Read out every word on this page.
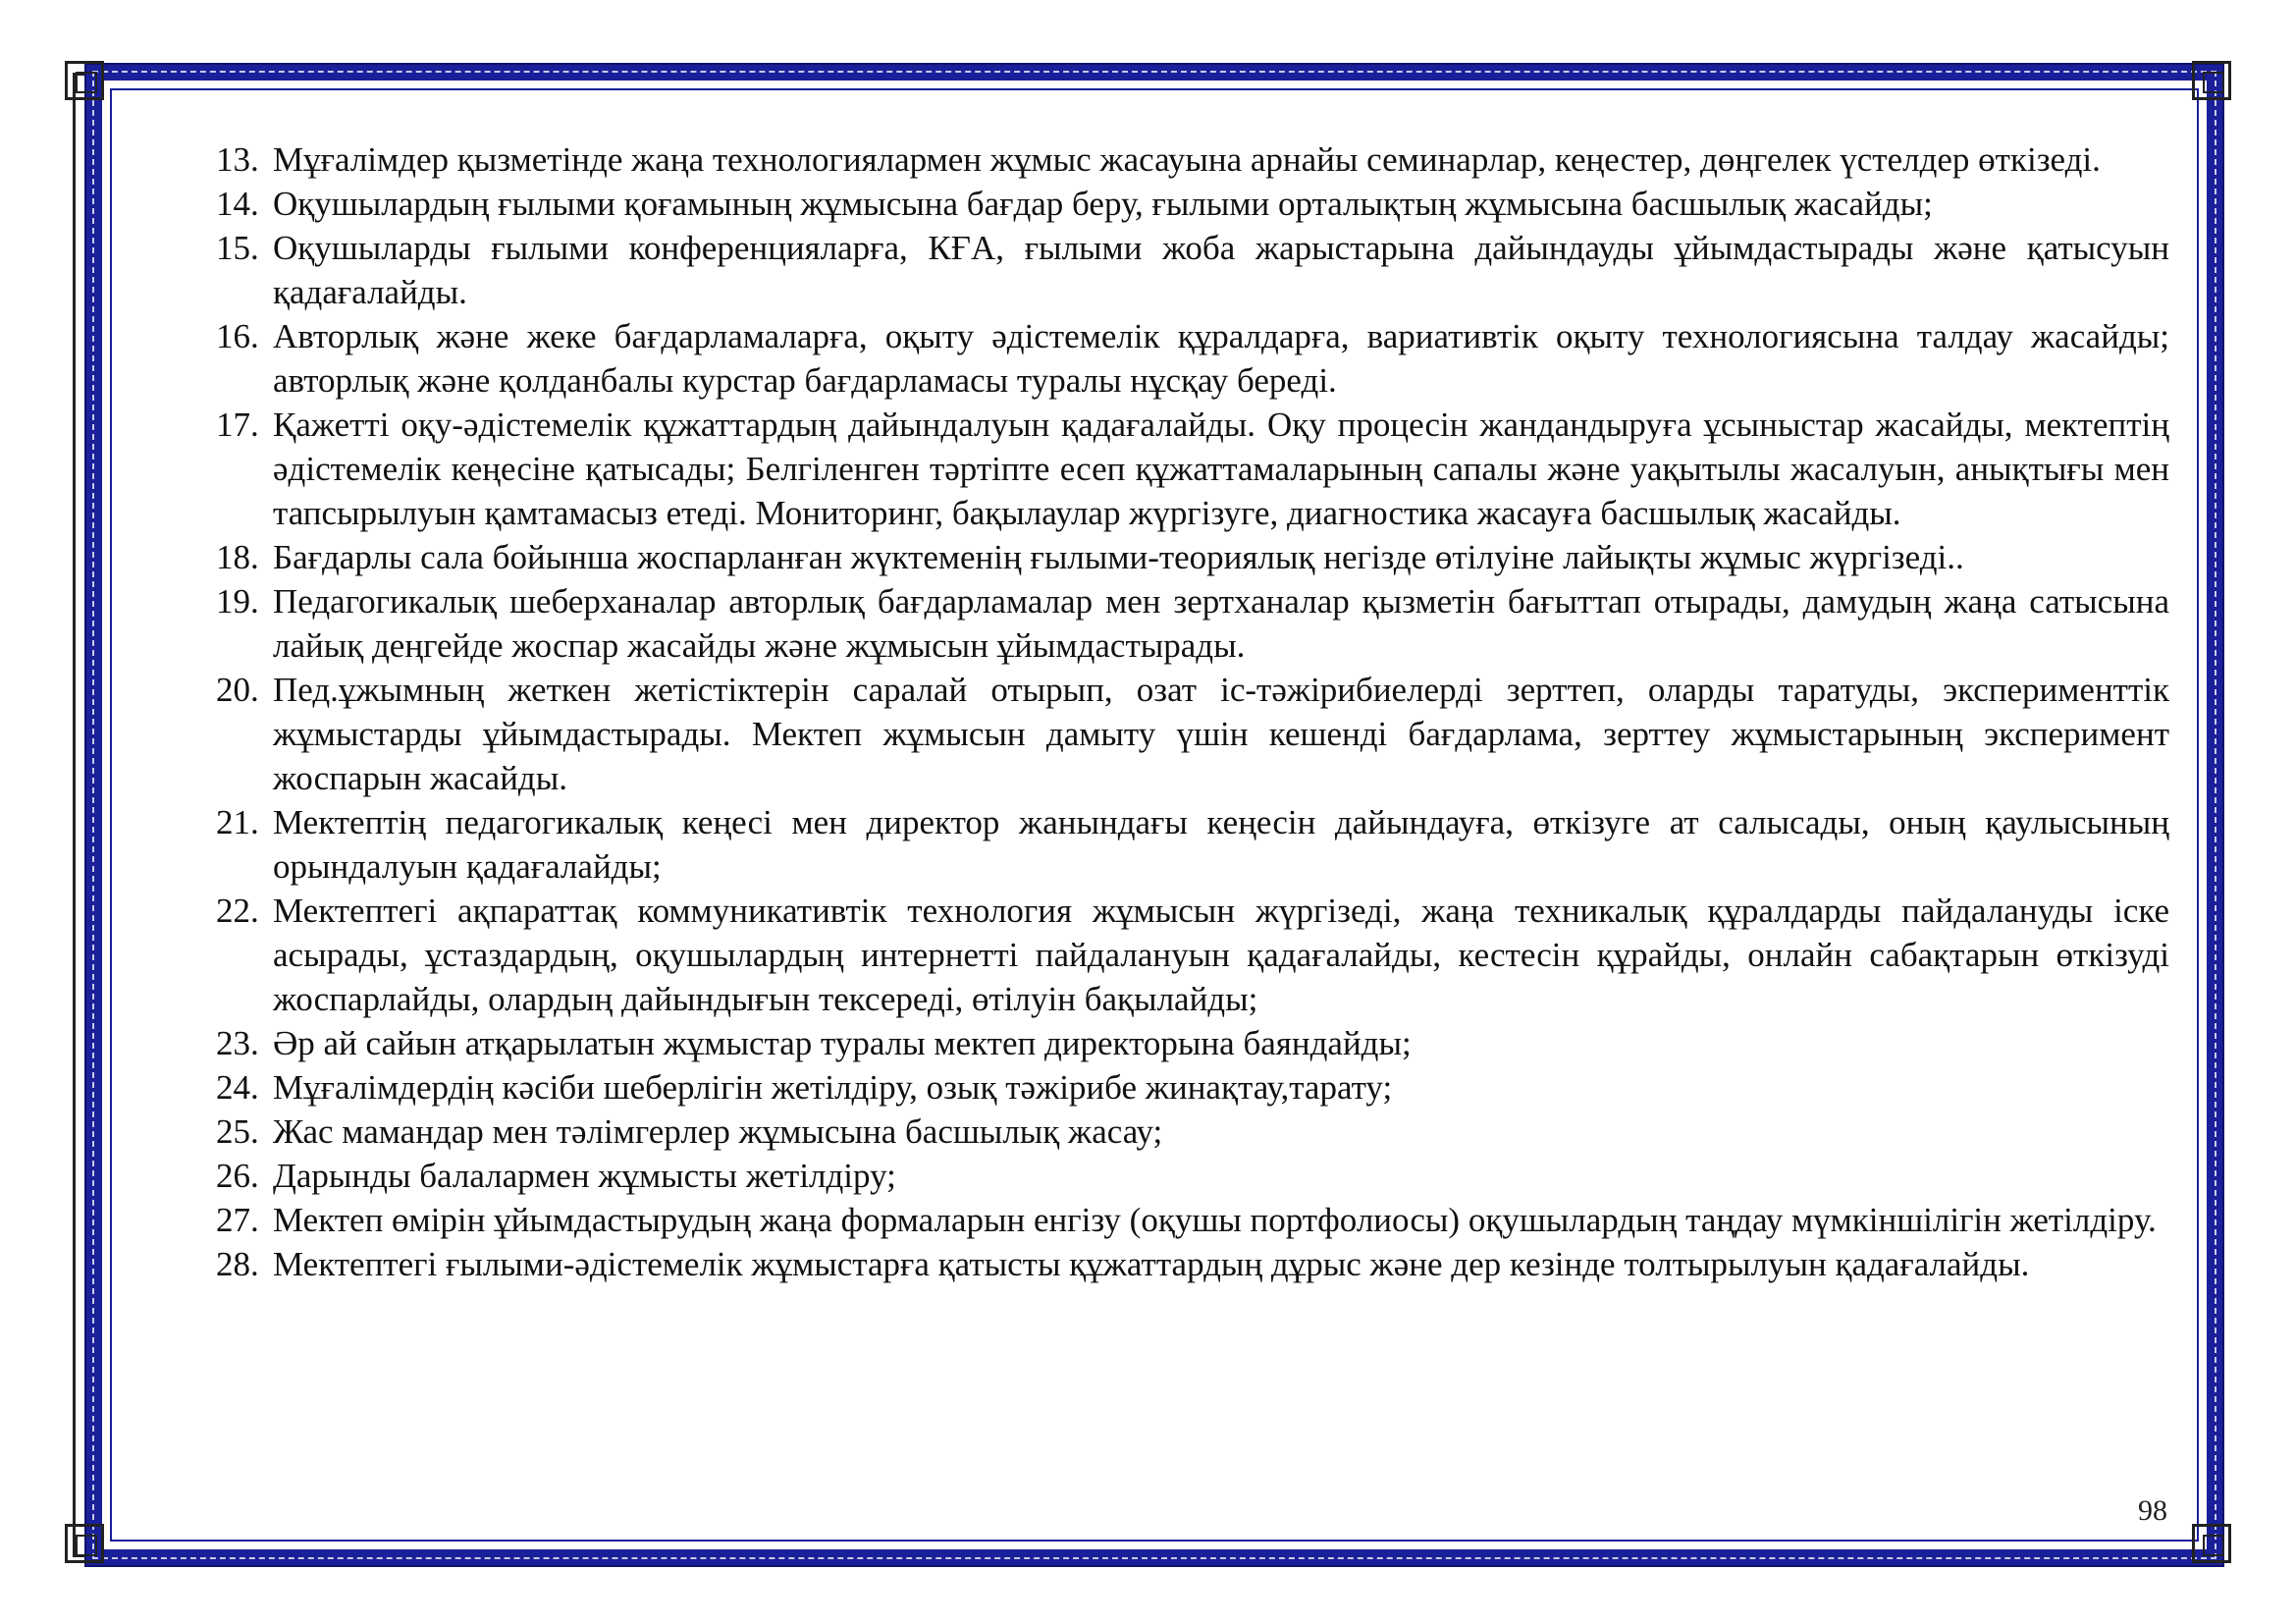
13. Мұғалімдер қызметінде жаңа технологиялармен жұмыс жасауына арнайы семинарлар, кеңестер, дөңгелек үстелдер өткізеді.
14. Оқушылардың ғылыми қоғамының жұмысына бағдар беру, ғылыми орталықтың жұмысына басшылық жасайды;
15. Оқушыларды ғылыми конференцияларға, КҒА, ғылыми жоба жарыстарына дайындауды ұйымдастырады және қатысуын қадағалайды.
16. Авторлық және жеке бағдарламаларға, оқыту әдістемелік құралдарға, вариативтік оқыту технологиясына талдау жасайды; авторлық және қолданбалы курстар бағдарламасы туралы нұсқау береді.
17. Қажетті оқу-әдістемелік құжаттардың дайындалуын қадағалайды. Оқу процесін жандандыруға ұсыныстар жасайды, мектептің әдістемелік кеңесіне қатысады; Белгіленген тәртіпте есеп құжаттамаларының сапалы және уақытылы жасалуын, анықтығы мен тапсырылуын қамтамасыз етеді. Мониторинг, бақылаулар жүргізуге, диагностика жасауға басшылық жасайды.
18. Бағдарлы сала бойынша жоспарланған жүктеменің ғылыми-теориялық негізде өтілуіне лайықты жұмыс жүргізеді..
19. Педагогикалық шеберханалар авторлық бағдарламалар мен зертханалар қызметін бағыттап отырады, дамудың жаңа сатысына лайық деңгейде жоспар жасайды және жұмысын ұйымдастырады.
20. Пед.ұжымның жеткен жетістіктерін саралай отырып, озат іс-тәжірибиелерді зерттеп, оларды таратуды, эксперименттік жұмыстарды ұйымдастырады. Мектеп жұмысын дамыту үшін кешенді бағдарлама, зерттеу жұмыстарының эксперимент жоспарын жасайды.
21. Мектептің педагогикалық кеңесі мен директор жанындағы кеңесін дайындауға, өткізуге ат салысады, оның қаулысының орындалуын қадағалайды;
22. Мектептегі ақпараттақ коммуникативтік технология жұмысын жүргізеді, жаңа техникалық құралдарды пайдалануды іске асырады, ұстаздардың, оқушылардың интернетті пайдалануын қадағалайды, кестесін құрайды, онлайн сабақтарын өткізуді жоспарлайды, олардың дайындығын тексереді, өтілуін бақылайды;
23. Әр ай сайын атқарылатын жұмыстар туралы мектеп директорына баяндайды;
24. Мұғалімдердің кәсіби шеберлігін жетілдіру, озық тәжірибе жинақтау,тарату;
25. Жас мамандар мен тәлімгерлер жұмысына басшылық жасау;
26. Дарынды балалармен жұмысты жетілдіру;
27. Мектеп өмірін ұйымдастырудың жаңа формаларын енгізу (оқушы портфолиосы) оқушылардың таңдау мүмкіншілігін жетілдіру.
28. Мектептегі ғылыми-әдістемелік жұмыстарға қатысты құжаттардың дұрыс және дер кезінде толтырылуын қадағалайды.
98
